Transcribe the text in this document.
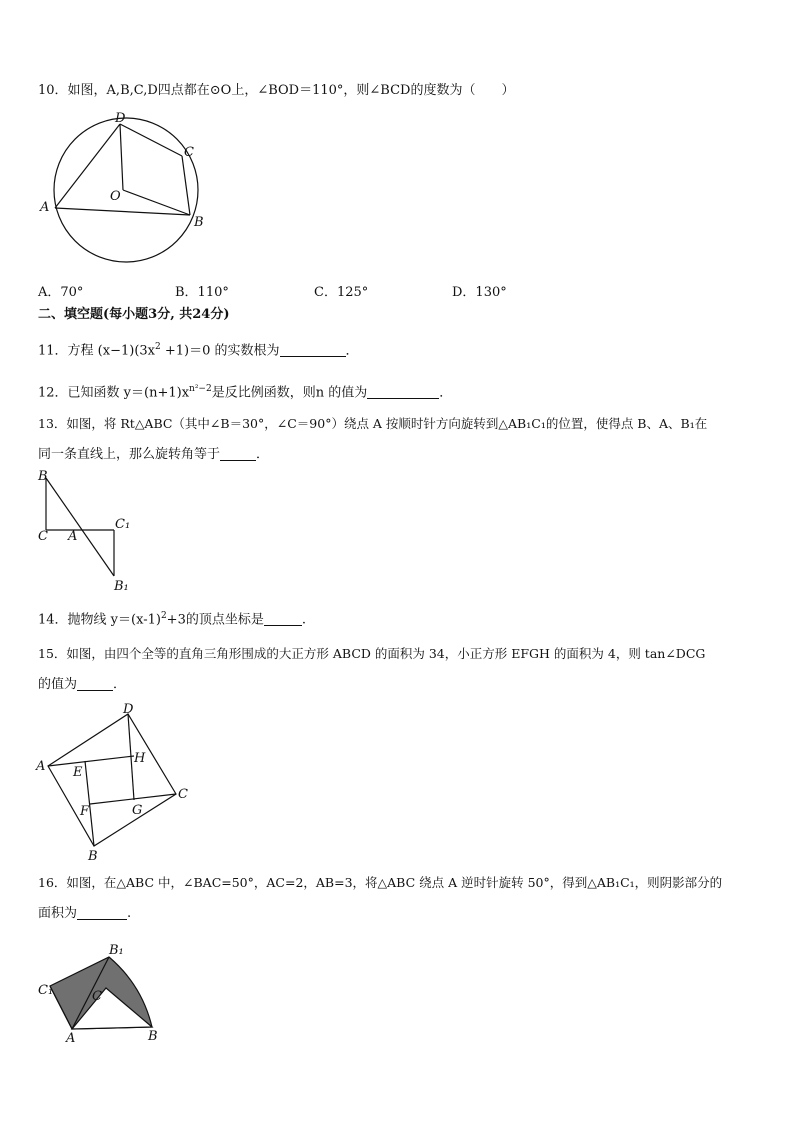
10．如图，A,B,C,D四点都在⊙O上，∠BOD＝110°，则∠BCD的度数为（　　）
D
C
O
A
B
A．70°	B．110°	C．125°	D．130°
二、填空题(每小题3分, 共24分)
11．方程 $(x-1)(3x^2 +1)=0$ 的实数根为	．
12．已知函数 $y=(n+1)x^{n^2-2}$是反比例函数，则n 的值为	．
13．如图，将 Rt△ABC（其中∠B＝30°，∠C＝90°）绕点 A 按顺时针方向旋转到△AB₁C₁的位置，使得点 B、A、B₁在
同一条直线上，那么旋转角等于	．
B
C A
C₁
B₁
14．抛物线 $y=(x-1)^2+3$的顶点坐标是	.
15．如图，由四个全等的直角三角形围成的大正方形 ABCD 的面积为 34，小正方形 EFGH 的面积为 4，则 tan∠DCG
的值为	．
D
A
H
E
C
F	G
B
16．如图，在△ABC 中，∠BAC=50°，AC=2，AB=3，将△ABC 绕点 A 逆时针旋转 50°，得到△AB₁C₁，则阴影部分的
面积为	.
B₁
C₁	C
A	B
